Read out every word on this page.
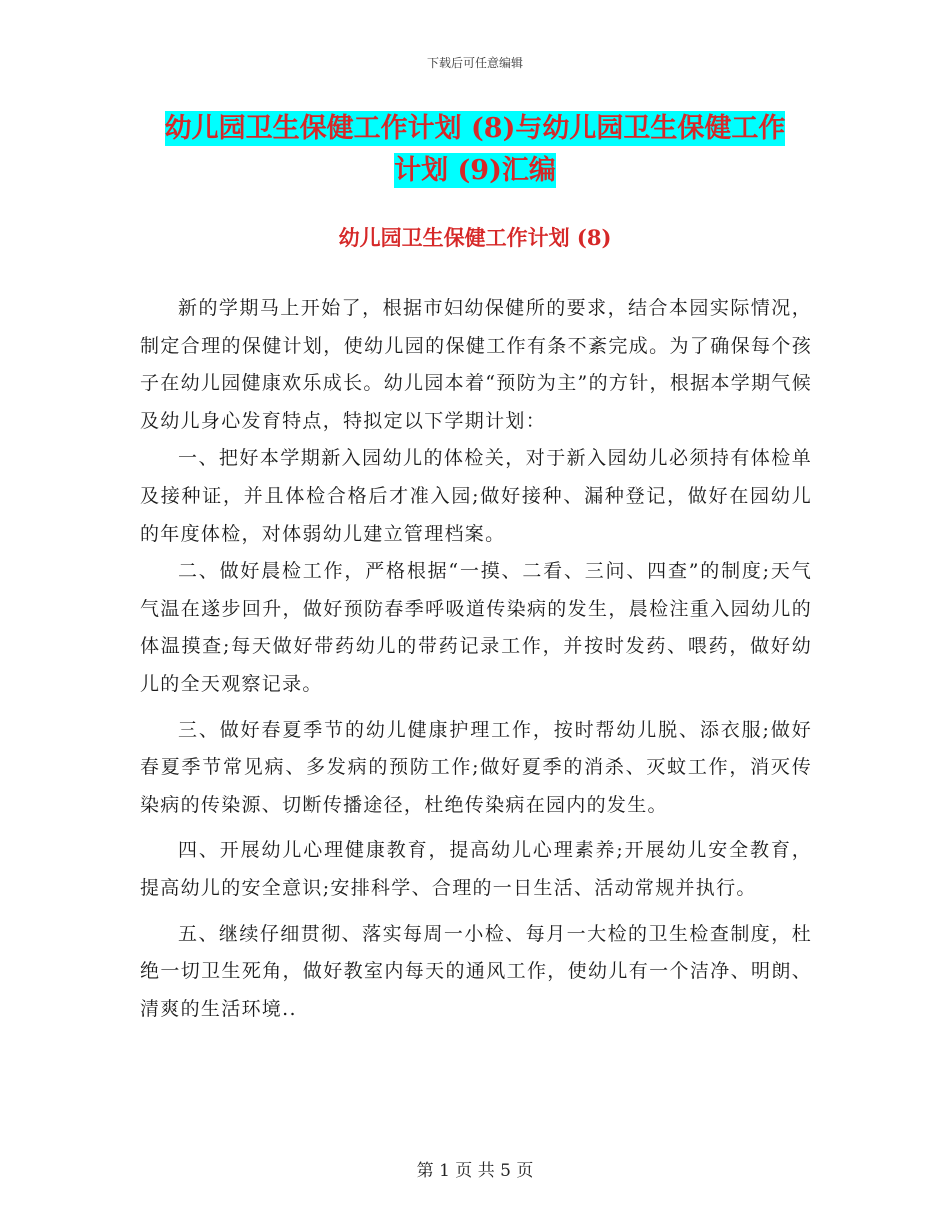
下载后可任意编辑
幼儿园卫生保健工作计划 (8)与幼儿园卫生保健工作
计划 (9)汇编
幼儿园卫生保健工作计划 (8)

新的学期马上开始了，根据市妇幼保健所的要求，结合本园实际情况，制定合理的保健计划，使幼儿园的保健工作有条不紊完成。为了确保每个孩子在幼儿园健康欢乐成长。幼儿园本着“预防为主”的方针，根据本学期气候及幼儿身心发育特点，特拟定以下学期计划：

一、把好本学期新入园幼儿的体检关，对于新入园幼儿必须持有体检单及接种证，并且体检合格后才准入园;做好接种、漏种登记，做好在园幼儿的年度体检，对体弱幼儿建立管理档案。

二、做好晨检工作，严格根据“一摸、二看、三问、四查”的制度;天气气温在遂步回升，做好预防春季呼吸道传染病的发生，晨检注重入园幼儿的体温摸查;每天做好带药幼儿的带药记录工作，并按时发药、喂药，做好幼儿的全天观察记录。

三、做好春夏季节的幼儿健康护理工作，按时帮幼儿脱、添衣服;做好春夏季节常见病、多发病的预防工作;做好夏季的消杀、灭蚊工作，消灭传染病的传染源、切断传播途径，杜绝传染病在园内的发生。

四、开展幼儿心理健康教育，提高幼儿心理素养;开展幼儿安全教育，提高幼儿的安全意识;安排科学、合理的一日生活、活动常规并执行。

五、继续仔细贯彻、落实每周一小检、每月一大检的卫生检查制度，杜绝一切卫生死角，做好教室内每天的通风工作，使幼儿有一个洁净、明朗、清爽的生活环境..

第 1 页 共 5 页
